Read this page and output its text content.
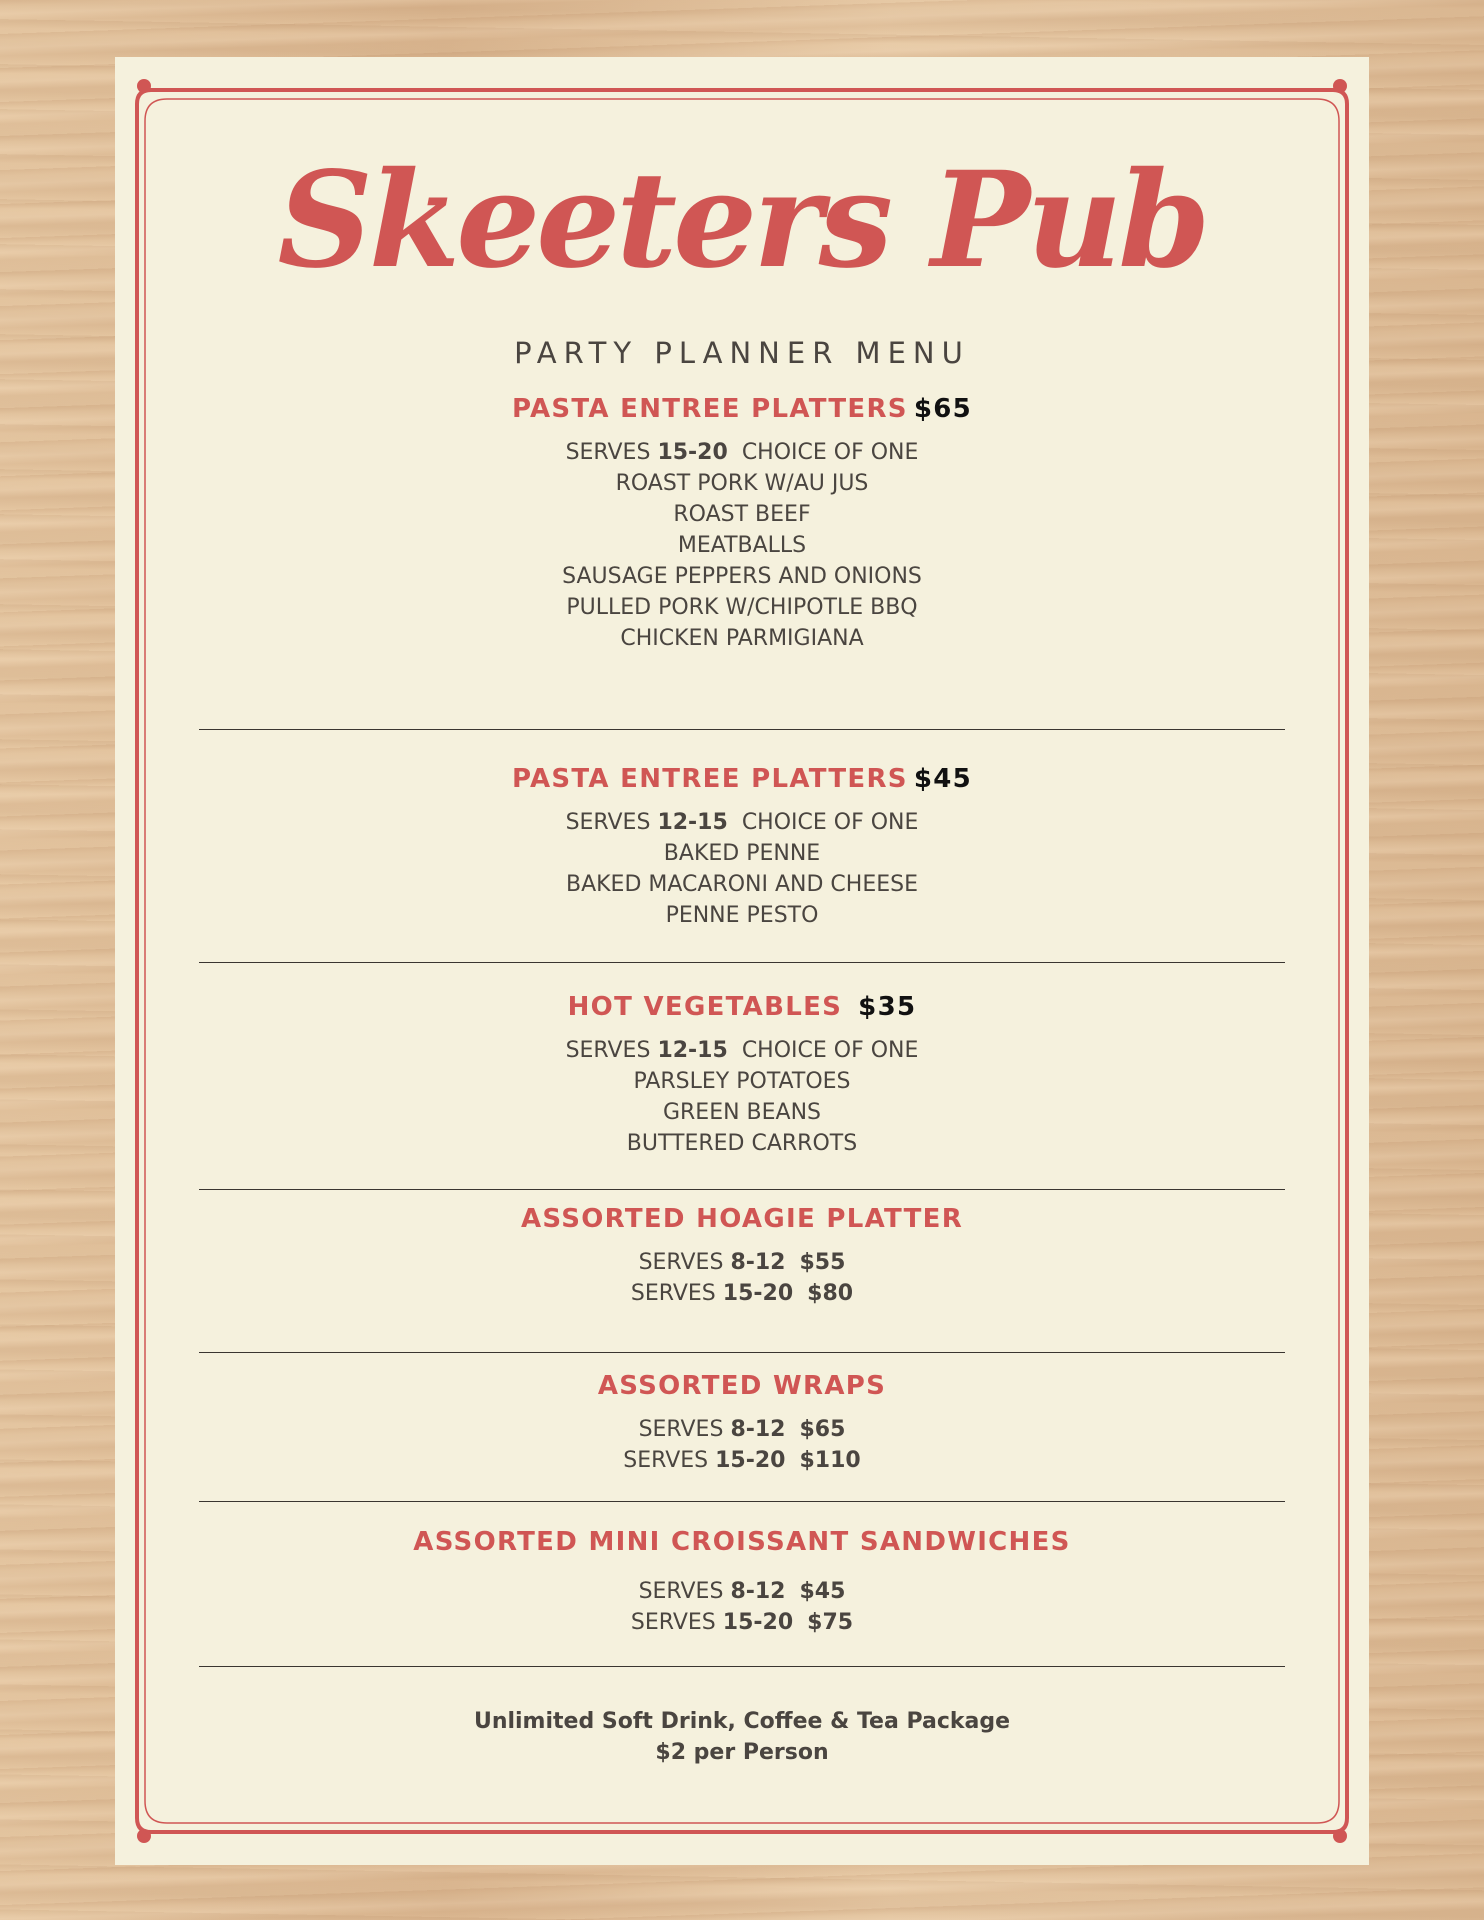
Skeeters Pub
PARTY PLANNER MENU
PASTA ENTREE PLATTERS $65
SERVES 15-20 CHOICE OF ONE
ROAST PORK W/AU JUS
ROAST BEEF
MEATBALLS
SAUSAGE PEPPERS AND ONIONS
PULLED PORK W/CHIPOTLE BBQ
CHICKEN PARMIGIANA
PASTA ENTREE PLATTERS $45
SERVES 12-15 CHOICE OF ONE
BAKED PENNE
BAKED MACARONI AND CHEESE
PENNE PESTO
HOT VEGETABLES $35
SERVES 12-15 CHOICE OF ONE
PARSLEY POTATOES
GREEN BEANS
BUTTERED CARROTS
ASSORTED HOAGIE PLATTER
SERVES 8-12 $55
SERVES 15-20 $80
ASSORTED WRAPS
SERVES 8-12 $65
SERVES 15-20 $110
ASSORTED MINI CROISSANT SANDWICHES
SERVES 8-12 $45
SERVES 15-20 $75
Unlimited Soft Drink, Coffee & Tea Package
$2 per Person
